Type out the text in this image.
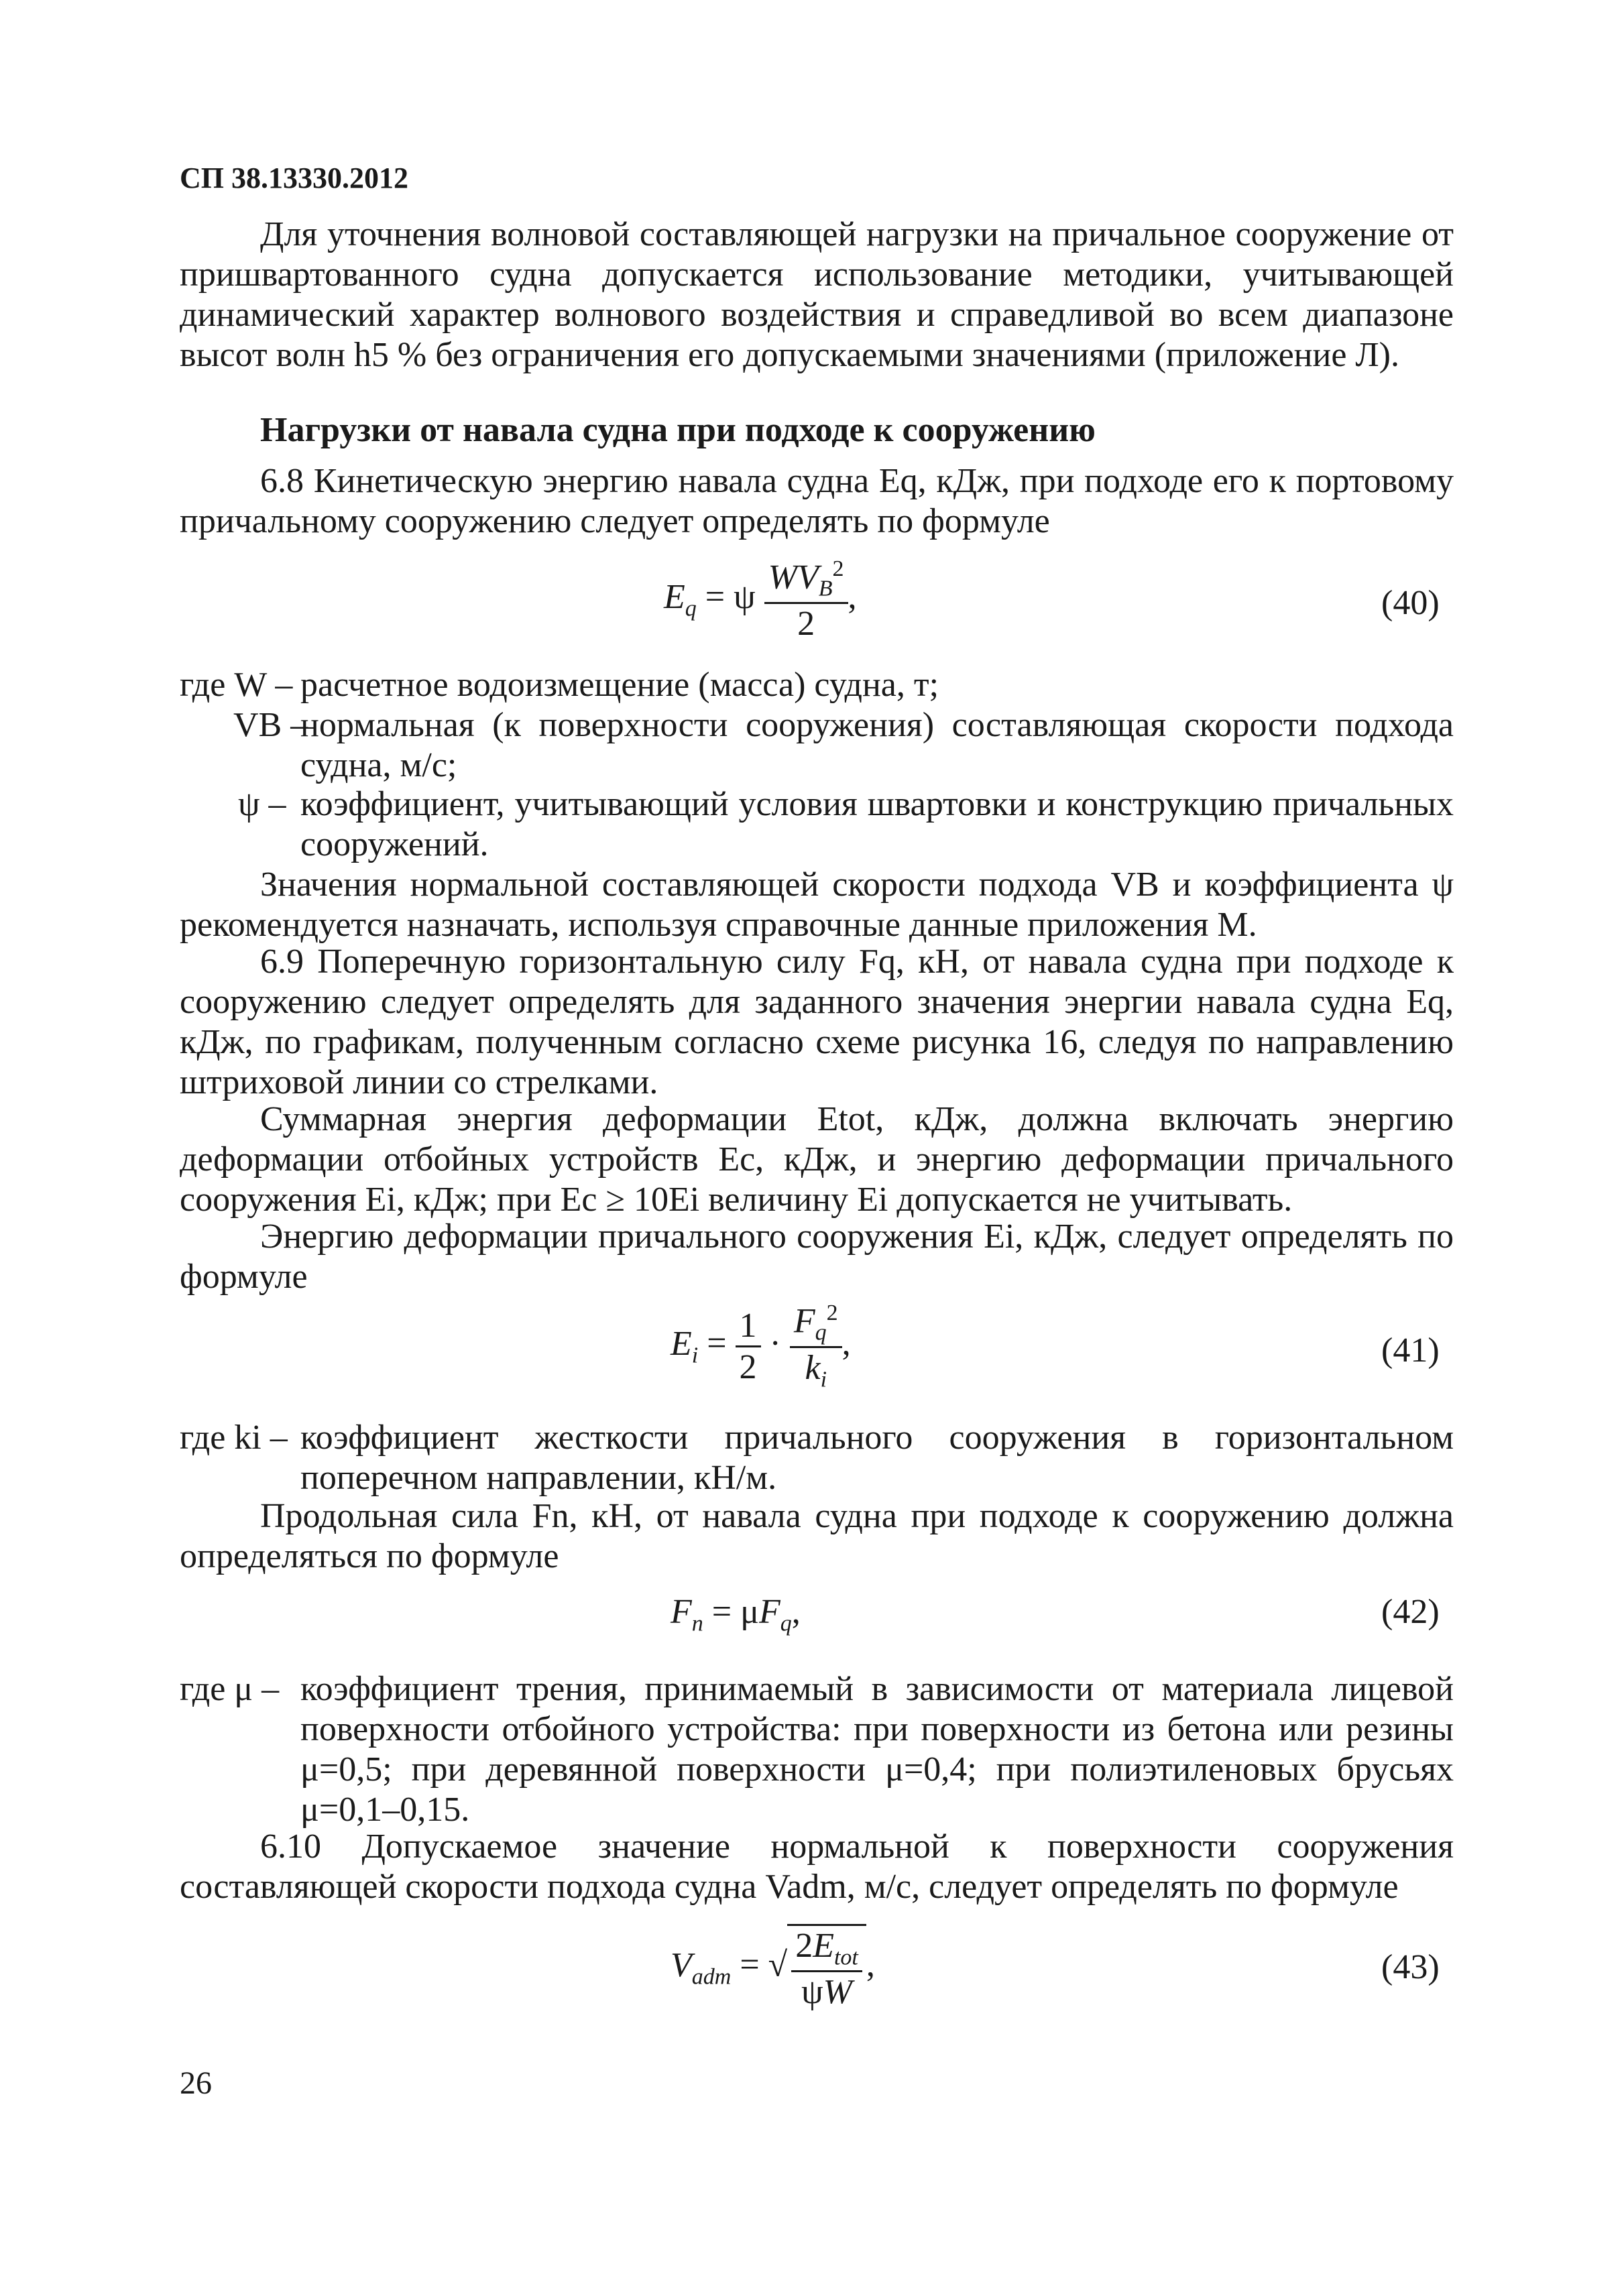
СП 38.13330.2012
Для уточнения волновой составляющей нагрузки на причальное сооружение от пришвартованного судна допускается использование методики, учитывающей динамический характер волнового воздействия и справедливой во всем диапазоне высот волн h5 % без ограничения его допускаемыми значениями (приложение Л).
Нагрузки от навала судна при подходе к сооружению
6.8 Кинетическую энергию навала судна Eq, кДж, при подходе его к портовому причальному сооружению следует определять по формуле
$E_q = \psi \frac{WV_B^2}{2}$ ,	(40)
где W – расчетное водоизмещение (масса) судна, т;
VB –
нормальная (к поверхности сооружения) составляющая скорости подхода судна, м/с;
ψ – коэффициент, учитывающий условия швартовки и конструкцию причальных сооружений.
Значения нормальной составляющей скорости подхода VB и коэффициента ψ рекомендуется назначать, используя справочные данные приложения М.
6.9 Поперечную горизонтальную силу Fq, кН, от навала судна при подходе к сооружению следует определять для заданного значения энергии навала судна Eq, кДж, по графикам, полученным согласно схеме рисунка 16, следуя по направлению штриховой линии со стрелками.
Суммарная энергия деформации Etot, кДж, должна включать энергию деформации отбойных устройств Ec, кДж, и энергию деформации причального сооружения Ei, кДж; при Ec ≥ 10Ei величину Ei допускается не учитывать.
Энергию деформации причального сооружения Ei, кДж, следует определять по формуле
$E_i = \frac{1}{2} \cdot \frac{F_q^2}{k_i}$ ,	(41)
где ki – коэффициент жесткости причального сооружения в горизонтальном поперечном направлении, кН/м.
Продольная сила Fn, кН, от навала судна при подходе к сооружению должна определяться по формуле
$F_n = \mu F_q$,	(42)
где μ – коэффициент трения, принимаемый в зависимости от материала лицевой поверхности отбойного устройства: при поверхности из бетона или резины μ=0,5; при деревянной поверхности μ=0,4; при полиэтиленовых брусьях μ=0,1–0,15.
6.10 Допускаемое значение нормальной к поверхности сооружения составляющей скорости подхода судна Vadm, м/с, следует определять по формуле
$V_{adm}$ = √ $\frac{2E_{tot}}{\psi W}$ ,	(43)
26
